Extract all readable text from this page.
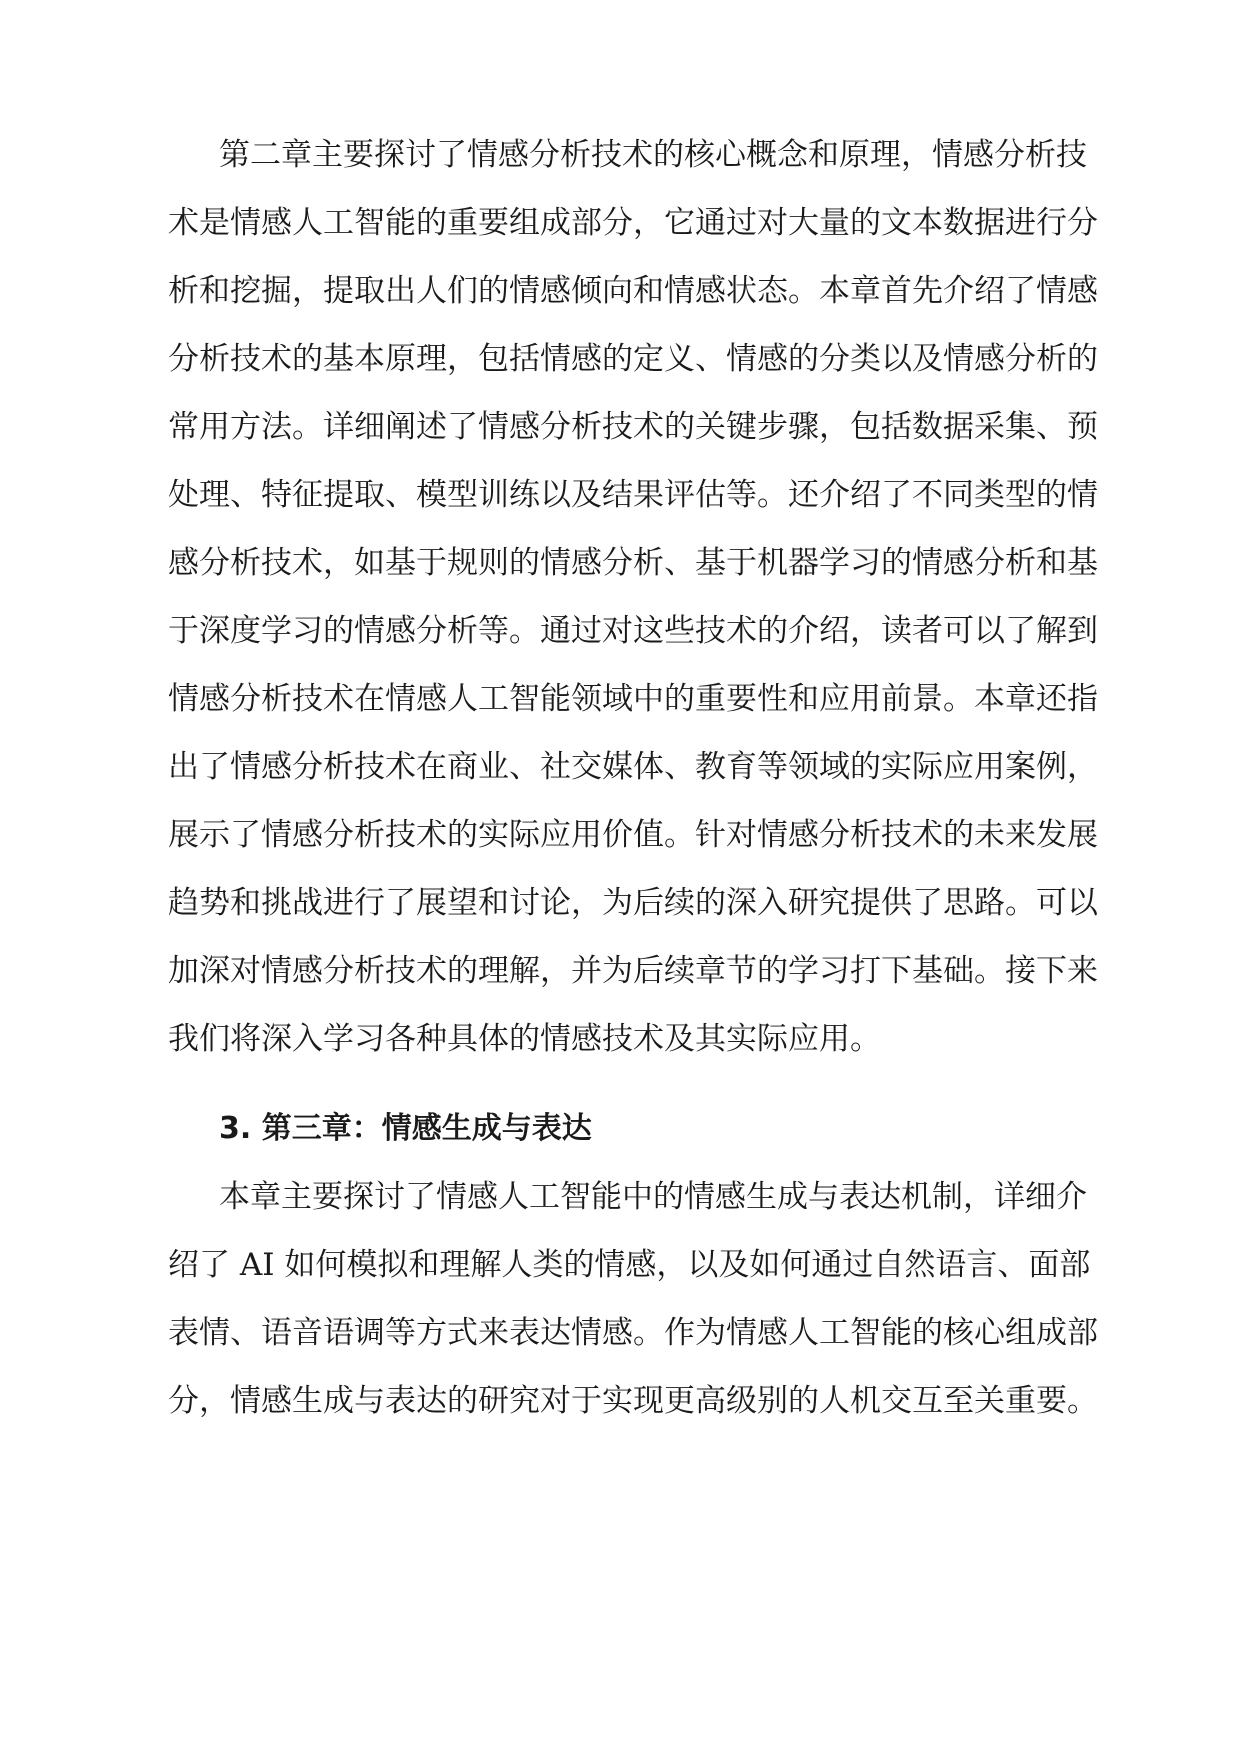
第二章主要探讨了情感分析技术的核心概念和原理，情感分析技

术是情感人工智能的重要组成部分，它通过对大量的文本数据进行分

析和挖掘，提取出人们的情感倾向和情感状态。本章首先介绍了情感

分析技术的基本原理，包括情感的定义、情感的分类以及情感分析的

常用方法。详细阐述了情感分析技术的关键步骤，包括数据采集、预

处理、特征提取、模型训练以及结果评估等。还介绍了不同类型的情

感分析技术，如基于规则的情感分析、基于机器学习的情感分析和基

于深度学习的情感分析等。通过对这些技术的介绍，读者可以了解到

情感分析技术在情感人工智能领域中的重要性和应用前景。本章还指

出了情感分析技术在商业、社交媒体、教育等领域的实际应用案例，

展示了情感分析技术的实际应用价值。针对情感分析技术的未来发展

趋势和挑战进行了展望和讨论，为后续的深入研究提供了思路。可以

加深对情感分析技术的理解，并为后续章节的学习打下基础。接下来

我们将深入学习各种具体的情感技术及其实际应用。

3. 第三章：情感生成与表达

本章主要探讨了情感人工智能中的情感生成与表达机制，详细介

绍了 AI 如何模拟和理解人类的情感，以及如何通过自然语言、面部

表情、语音语调等方式来表达情感。作为情感人工智能的核心组成部

分，情感生成与表达的研究对于实现更高级别的人机交互至关重要。
